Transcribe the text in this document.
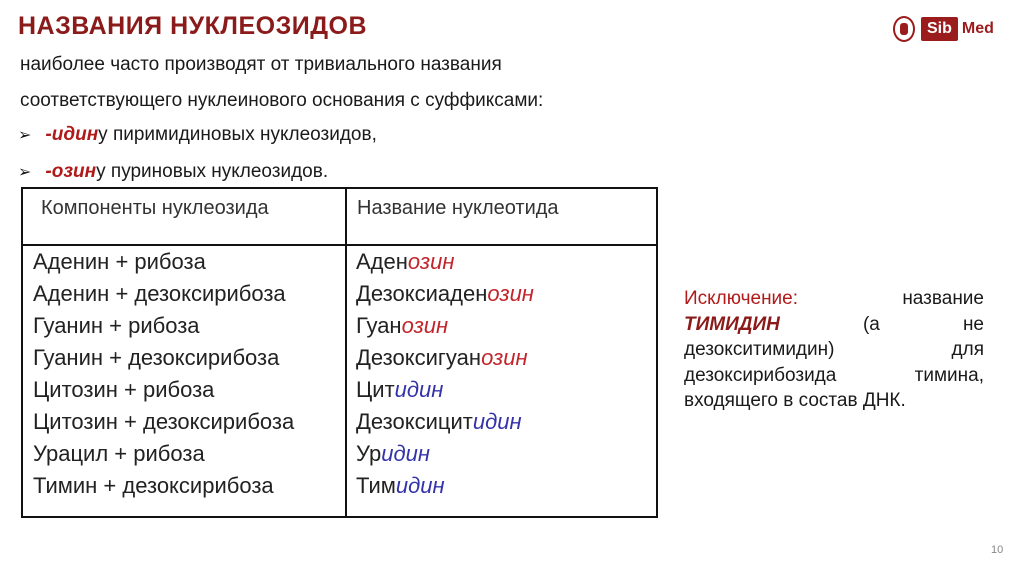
НАЗВАНИЯ НУКЛЕОЗИДОВ	Sib Med
наиболее часто производят от тривиального названия
соответствующего нуклеинового основания с суффиксами:
➢ -идин у пиримидиновых нуклеозидов,
➢ -озин у пуриновых нуклеозидов.
Компоненты нуклеозида	Название нуклеотида
Аденин + рибоза	Аденозин
Аденин + дезоксирибоза	Дезоксиаденозин
Гуанин + рибоза	Гуанозин
Гуанин + дезоксирибоза	Дезоксигуанозин
Цитозин + рибоза	Цитидин
Цитозин + дезоксирибоза	Дезоксицитидин
Урацил + рибоза	Уридин
Тимин + дезоксирибоза	Тимидин
Исключение:	название
ТИМИДИН	(а	не
дезокситимидин)	для
дезоксирибозида	тимина,
входящего в состав ДНК.
10
